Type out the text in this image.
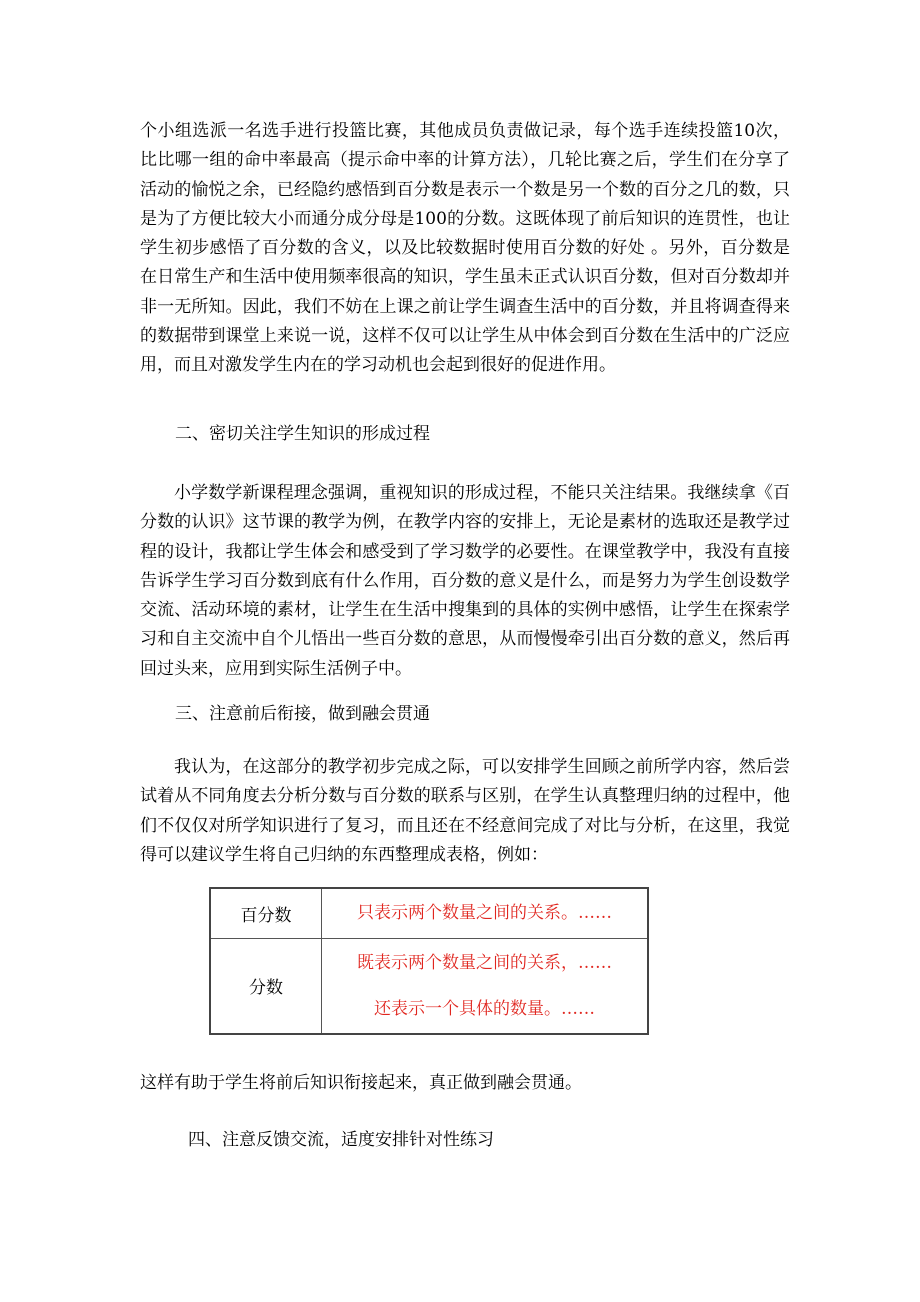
个小组选派一名选手进行投篮比赛，其他成员负责做记录，每个选手连续投篮10次，比比哪一组的命中率最高（提示命中率的计算方法），几轮比赛之后，学生们在分享了活动的愉悦之余，已经隐约感悟到百分数是表示一个数是另一个数的百分之几的数，只是为了方便比较大小而通分成分母是100的分数。这既体现了前后知识的连贯性，也让学生初步感悟了百分数的含义，以及比较数据时使用百分数的好处 。另外，百分数是在日常生产和生活中使用频率很高的知识，学生虽未正式认识百分数，但对百分数却并非一无所知。因此，我们不妨在上课之前让学生调查生活中的百分数，并且将调查得来的数据带到课堂上来说一说，这样不仅可以让学生从中体会到百分数在生活中的广泛应用，而且对激发学生内在的学习动机也会起到很好的促进作用。

二、密切关注学生知识的形成过程

小学数学新课程理念强调，重视知识的形成过程，不能只关注结果。我继续拿《百分数的认识》这节课的教学为例，在教学内容的安排上，无论是素材的选取还是教学过程的设计，我都让学生体会和感受到了学习数学的必要性。在课堂教学中，我没有直接告诉学生学习百分数到底有什么作用，百分数的意义是什么，而是努力为学生创设数学交流、活动环境的素材，让学生在生活中搜集到的具体的实例中感悟，让学生在探索学习和自主交流中自个儿悟出一些百分数的意思，从而慢慢牵引出百分数的意义，然后再回过头来，应用到实际生活例子中。

三、注意前后衔接，做到融会贯通

我认为，在这部分的教学初步完成之际，可以安排学生回顾之前所学内容，然后尝试着从不同角度去分析分数与百分数的联系与区别，在学生认真整理归纳的过程中，他们不仅仅对所学知识进行了复习，而且还在不经意间完成了对比与分析，在这里，我觉得可以建议学生将自己归纳的东西整理成表格，例如：

百分数	只表示两个数量之间的关系。……

分数	既表示两个数量之间的关系，……
还表示一个具体的数量。……

这样有助于学生将前后知识衔接起来，真正做到融会贯通。

四、注意反馈交流，适度安排针对性练习
